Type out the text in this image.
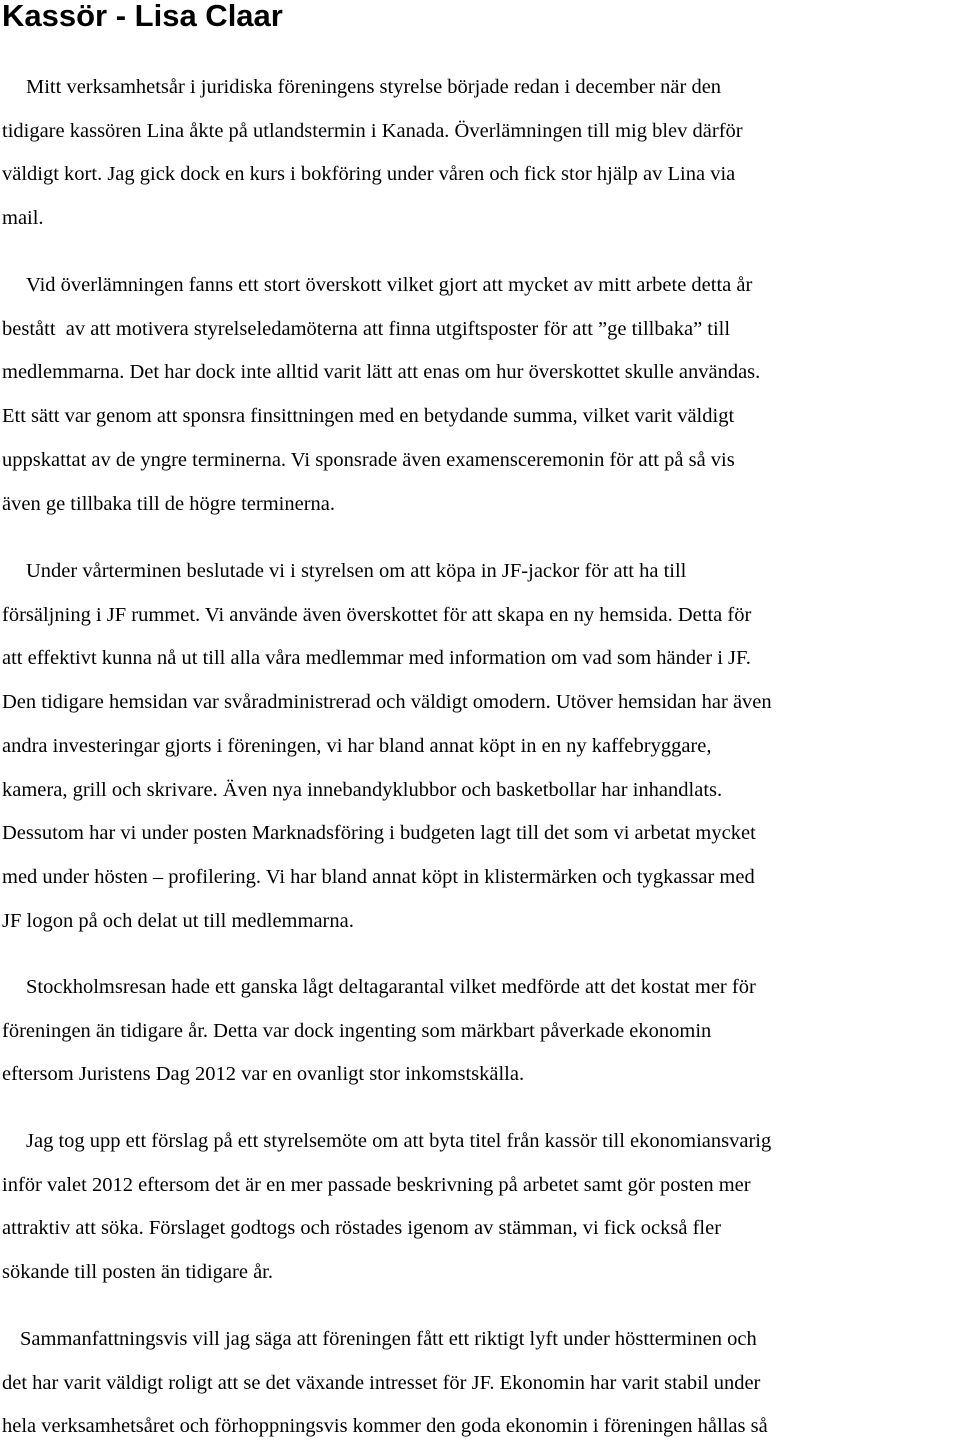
Kassör - Lisa Claar
Mitt verksamhetsår i juridiska föreningens styrelse började redan i december när den
tidigare kassören Lina åkte på utlandstermin i Kanada. Överlämningen till mig blev därför
väldigt kort. Jag gick dock en kurs i bokföring under våren och fick stor hjälp av Lina via
mail.
Vid överlämningen fanns ett stort överskott vilket gjort att mycket av mitt arbete detta år
bestått  av att motivera styrelseledamöterna att finna utgiftsposter för att ”ge tillbaka” till
medlemmarna. Det har dock inte alltid varit lätt att enas om hur överskottet skulle användas.
Ett sätt var genom att sponsra finsittningen med en betydande summa, vilket varit väldigt
uppskattat av de yngre terminerna. Vi sponsrade även examensceremonin för att på så vis
även ge tillbaka till de högre terminerna.
Under vårterminen beslutade vi i styrelsen om att köpa in JF-jackor för att ha till
försäljning i JF rummet. Vi använde även överskottet för att skapa en ny hemsida. Detta för
att effektivt kunna nå ut till alla våra medlemmar med information om vad som händer i JF.
Den tidigare hemsidan var svåradministrerad och väldigt omodern. Utöver hemsidan har även
andra investeringar gjorts i föreningen, vi har bland annat köpt in en ny kaffebryggare,
kamera, grill och skrivare. Även nya innebandyklubbor och basketbollar har inhandlats.
Dessutom har vi under posten Marknadsföring i budgeten lagt till det som vi arbetat mycket
med under hösten – profilering. Vi har bland annat köpt in klistermärken och tygkassar med
JF logon på och delat ut till medlemmarna.
Stockholmsresan hade ett ganska lågt deltagarantal vilket medförde att det kostat mer för
föreningen än tidigare år. Detta var dock ingenting som märkbart påverkade ekonomin
eftersom Juristens Dag 2012 var en ovanligt stor inkomstskälla.
Jag tog upp ett förslag på ett styrelsemöte om att byta titel från kassör till ekonomiansvarig
inför valet 2012 eftersom det är en mer passade beskrivning på arbetet samt gör posten mer
attraktiv att söka. Förslaget godtogs och röstades igenom av stämman, vi fick också fler
sökande till posten än tidigare år.
Sammanfattningsvis vill jag säga att föreningen fått ett riktigt lyft under höstterminen och
det har varit väldigt roligt att se det växande intresset för JF. Ekonomin har varit stabil under
hela verksamhetsåret och förhoppningsvis kommer den goda ekonomin i föreningen hållas så
